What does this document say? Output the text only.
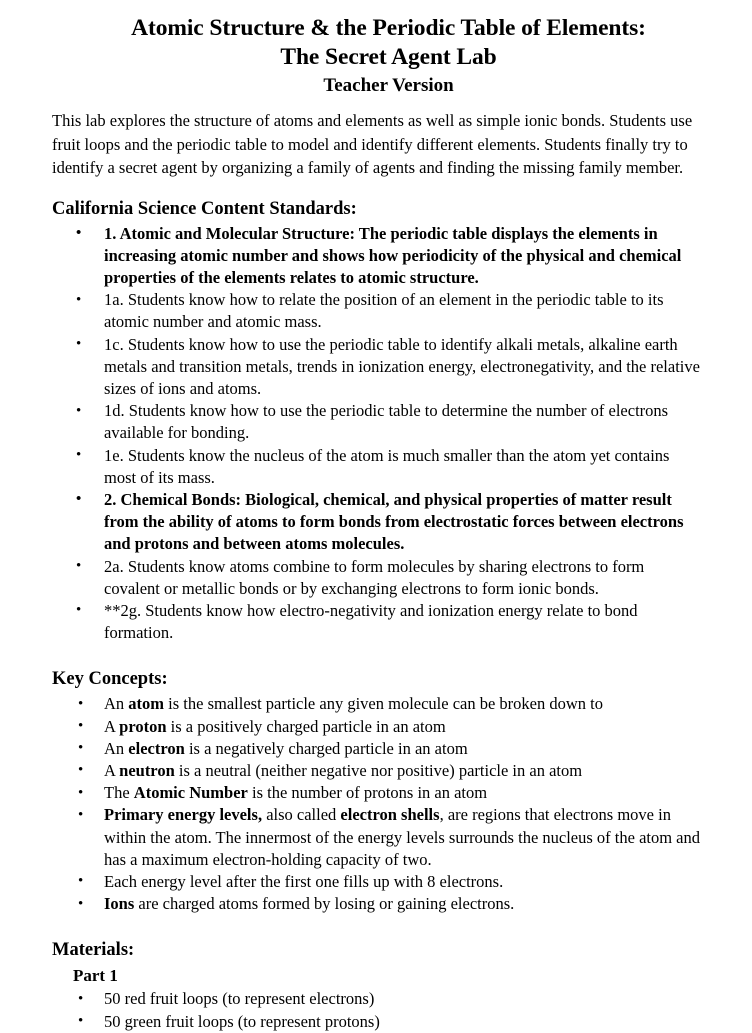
Atomic Structure & the Periodic Table of Elements:
The Secret Agent Lab
Teacher Version

This lab explores the structure of atoms and elements as well as simple ionic bonds. Students use fruit loops and the periodic table to model and identify different elements. Students finally try to identify a secret agent by organizing a family of agents and finding the missing family member.

California Science Content Standards:
• 1. Atomic and Molecular Structure: The periodic table displays the elements in increasing atomic number and shows how periodicity of the physical and chemical properties of the elements relates to atomic structure.
• 1a. Students know how to relate the position of an element in the periodic table to its atomic number and atomic mass.
• 1c. Students know how to use the periodic table to identify alkali metals, alkaline earth metals and transition metals, trends in ionization energy, electronegativity, and the relative sizes of ions and atoms.
• 1d. Students know how to use the periodic table to determine the number of electrons available for bonding.
• 1e. Students know the nucleus of the atom is much smaller than the atom yet contains most of its mass.
• 2. Chemical Bonds: Biological, chemical, and physical properties of matter result from the ability of atoms to form bonds from electrostatic forces between electrons and protons and between atoms molecules.
• 2a. Students know atoms combine to form molecules by sharing electrons to form covalent or metallic bonds or by exchanging electrons to form ionic bonds.
• **2g. Students know how electro-negativity and ionization energy relate to bond formation.
Key Concepts:
• An atom is the smallest particle any given molecule can be broken down to
• A proton is a positively charged particle in an atom
• An electron is a negatively charged particle in an atom
• A neutron is a neutral (neither negative nor positive) particle in an atom
• The Atomic Number is the number of protons in an atom
• Primary energy levels, also called electron shells, are regions that electrons move in within the atom. The innermost of the energy levels surrounds the nucleus of the atom and has a maximum electron-holding capacity of two.
• Each energy level after the first one fills up with 8 electrons.
• Ions are charged atoms formed by losing or gaining electrons.
Materials:
Part 1
• 50 red fruit loops (to represent electrons)
• 50 green fruit loops (to represent protons)
